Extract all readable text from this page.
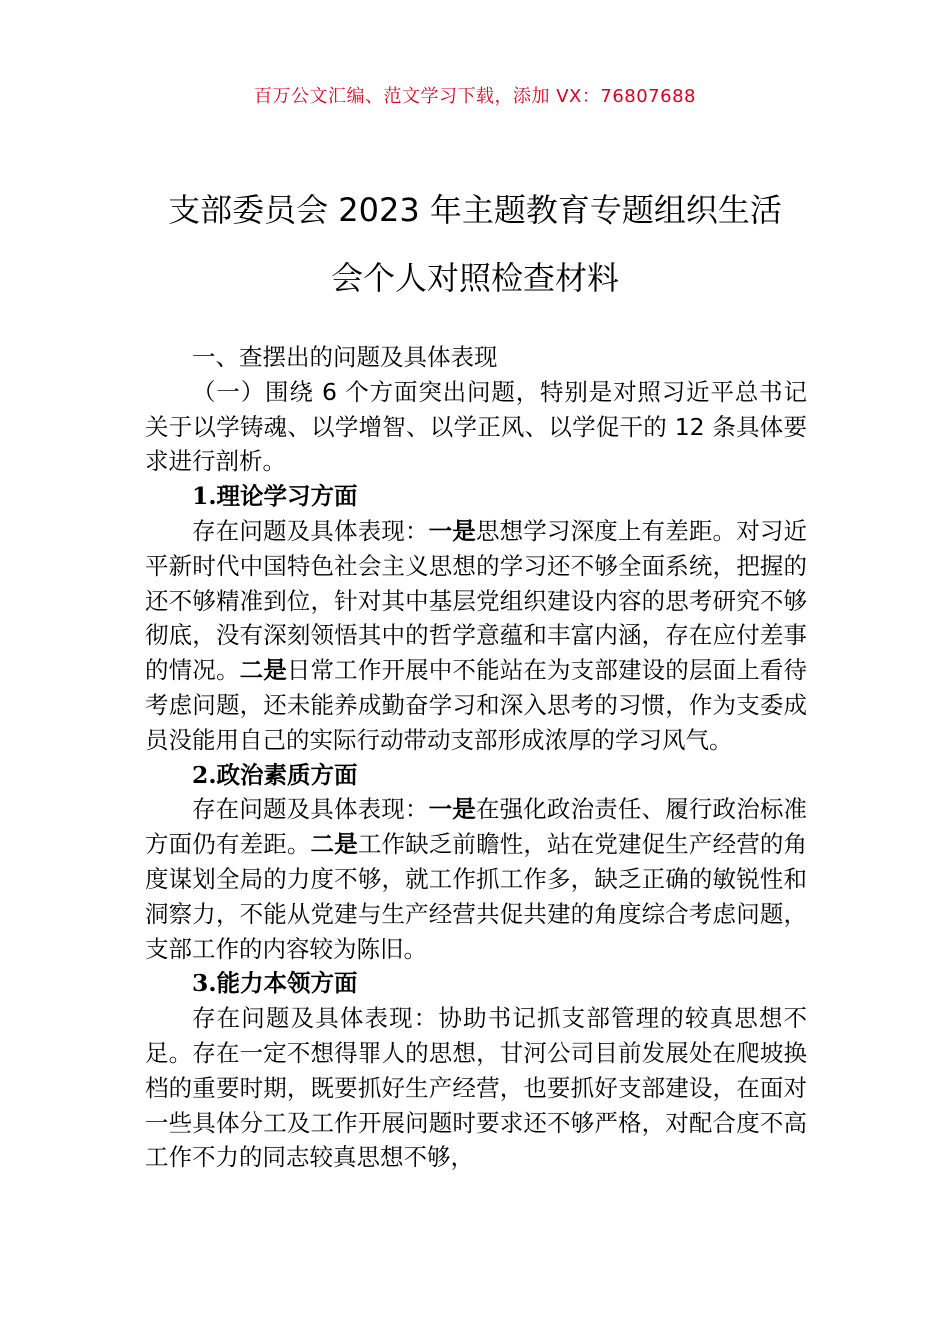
百万公文汇编、范文学习下载，添加 VX：76807688
支部委员会 2023 年主题教育专题组织生活
会个人对照检查材料

一、查摆出的问题及具体表现

（一）围绕 6 个方面突出问题，特别是对照习近平总书记关于以学铸魂、以学增智、以学正风、以学促干的 12 条具体要求进行剖析。

1.理论学习方面

存在问题及具体表现：一是思想学习深度上有差距。对习近平新时代中国特色社会主义思想的学习还不够全面系统，把握的还不够精准到位，针对其中基层党组织建设内容的思考研究不够彻底，没有深刻领悟其中的哲学意蕴和丰富内涵，存在应付差事的情况。二是日常工作开展中不能站在为支部建设的层面上看待考虑问题，还未能养成勤奋学习和深入思考的习惯，作为支委成员没能用自己的实际行动带动支部形成浓厚的学习风气。

2.政治素质方面

存在问题及具体表现：一是在强化政治责任、履行政治标准方面仍有差距。二是工作缺乏前瞻性，站在党建促生产经营的角度谋划全局的力度不够，就工作抓工作多，缺乏正确的敏锐性和洞察力，不能从党建与生产经营共促共建的角度综合考虑问题，支部工作的内容较为陈旧。

3.能力本领方面

存在问题及具体表现：协助书记抓支部管理的较真思想不足。存在一定不想得罪人的思想，甘河公司目前发展处在爬坡换档的重要时期，既要抓好生产经营，也要抓好支部建设，在面对一些具体分工及工作开展问题时要求还不够严格，对配合度不高工作不力的同志较真思想不够，
